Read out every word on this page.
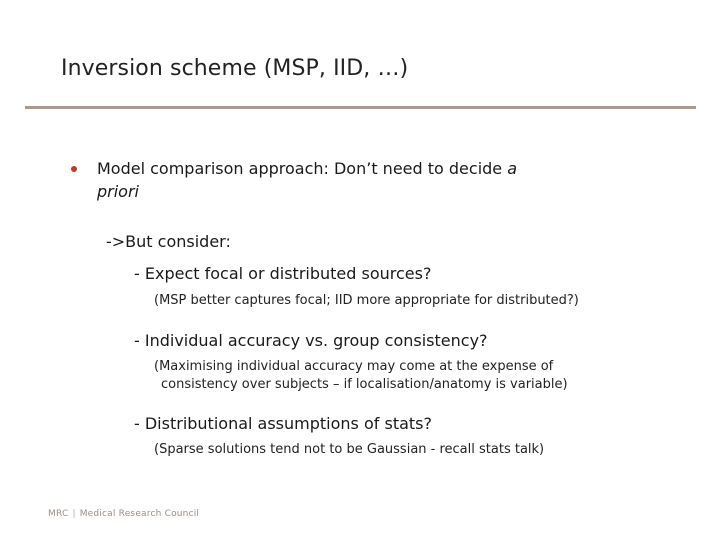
Inversion scheme (MSP, IID, …)
Model comparison approach: Don’t need to decide a
priori
->But consider:
- Expect focal or distributed sources?
(MSP better captures focal; IID more appropriate for distributed?)
- Individual accuracy vs. group consistency?
(Maximising individual accuracy may come at the expense of
consistency over subjects – if localisation/anatomy is variable)
- Distributional assumptions of stats?
(Sparse solutions tend not to be Gaussian - recall stats talk)
MRC | Medical Research Council
